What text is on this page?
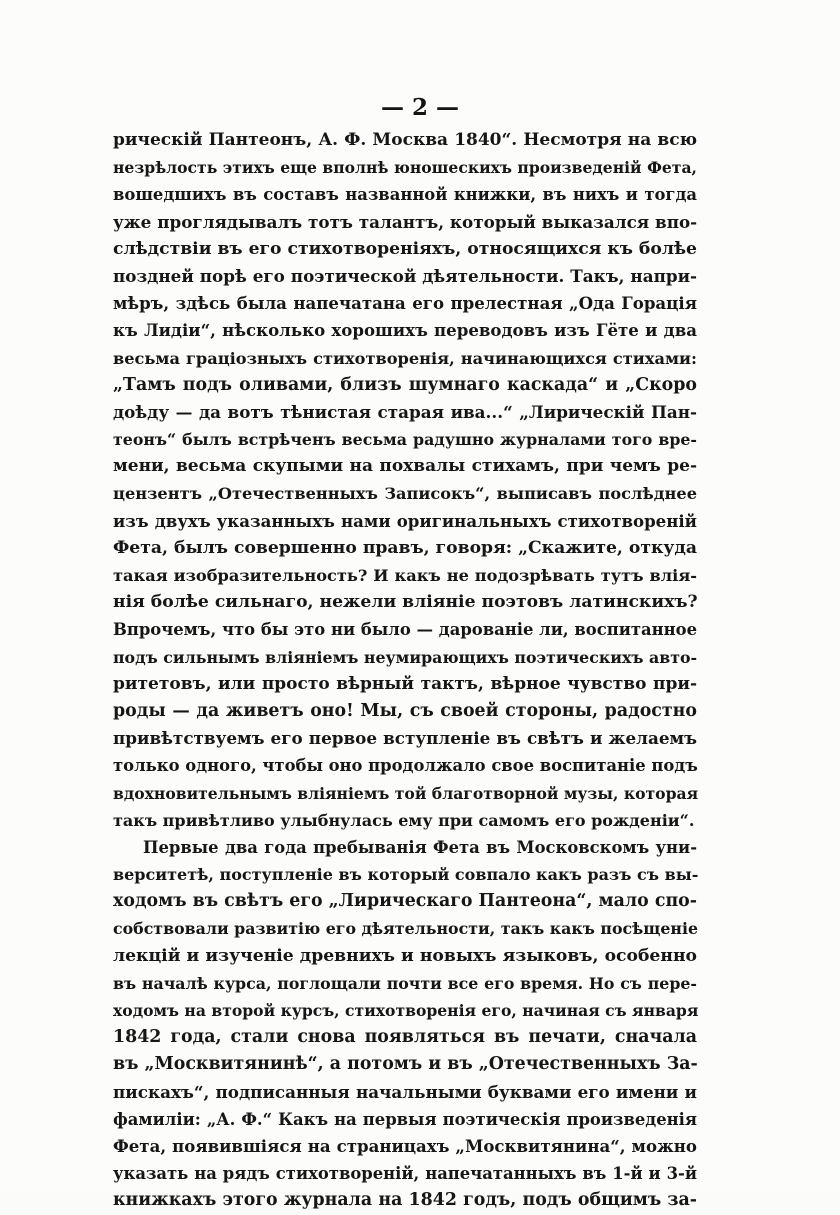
— 2 —

рическій Пантеонъ, А. Ф. Москва 1840“. Несмотря на всю
незрѣлость этихъ еще вполнѣ юношескихъ произведеній Фета,
вошедшихъ въ составъ названной книжки, въ нихъ и тогда
уже проглядывалъ тотъ талантъ, который выказался впо-
слѣдствіи въ его стихотвореніяхъ, относящихся къ болѣе
поздней порѣ его поэтической дѣятельности. Такъ, напри-
мѣръ, здѣсь была напечатана его прелестная „Ода Горація
къ Лидіи“, нѣсколько хорошихъ переводовъ изъ Гёте и два
весьма граціозныхъ стихотворенія, начинающихся стихами:
„Тамъ подъ оливами, близъ шумнаго каскада“ и „Скоро
доѣду — да вотъ тѣнистая старая ива...“ „Лирическій Пан-
теонъ“ былъ встрѣченъ весьма радушно журналами того вре-
мени, весьма скупыми на похвалы стихамъ, при чемъ ре-
цензентъ „Отечественныхъ Записокъ“, выписавъ послѣднее
изъ двухъ указанныхъ нами оригинальныхъ стихотвореній
Фета, былъ совершенно правъ, говоря: „Скажите, откуда
такая изобразительность? И какъ не подозрѣвать тутъ влія-
нія болѣе сильнаго, нежели вліяніе поэтовъ латинскихъ?
Впрочемъ, что бы это ни было — дарованіе ли, воспитанное
подъ сильнымъ вліяніемъ неумирающихъ поэтическихъ авто-
ритетовъ, или просто вѣрный тактъ, вѣрное чувство при-
роды — да живетъ оно! Мы, съ своей стороны, радостно
привѣтствуемъ его первое вступленіе въ свѣтъ и желаемъ
только одного, чтобы оно продолжало свое воспитаніе подъ
вдохновительнымъ вліяніемъ той благотворной музы, которая
такъ привѣтливо улыбнулась ему при самомъ его рожденіи“.
Первые два года пребыванія Фета въ Московскомъ уни-
верситетѣ, поступленіе въ который совпало какъ разъ съ вы-
ходомъ въ свѣтъ его „Лирическаго Пантеона“, мало спо-
собствовали развитію его дѣятельности, такъ какъ посѣщеніе
лекцій и изученіе древнихъ и новыхъ языковъ, особенно
въ началѣ курса, поглощали почти все его время. Но съ пере-
ходомъ на второй курсъ, стихотворенія его, начиная съ января
1842 года, стали снова появляться въ печати, сначала
въ „Москвитянинѣ“, а потомъ и въ „Отечественныхъ За-
пискахъ“, подписанныя начальными буквами его имени и
фамиліи: „А. Ф.“ Какъ на первыя поэтическія произведенія
Фета, появившіяся на страницахъ „Москвитянина“, можно
указать на рядъ стихотвореній, напечатанныхъ въ 1-й и 3-й
книжкахъ этого журнала на 1842 годъ, подъ общимъ за-
